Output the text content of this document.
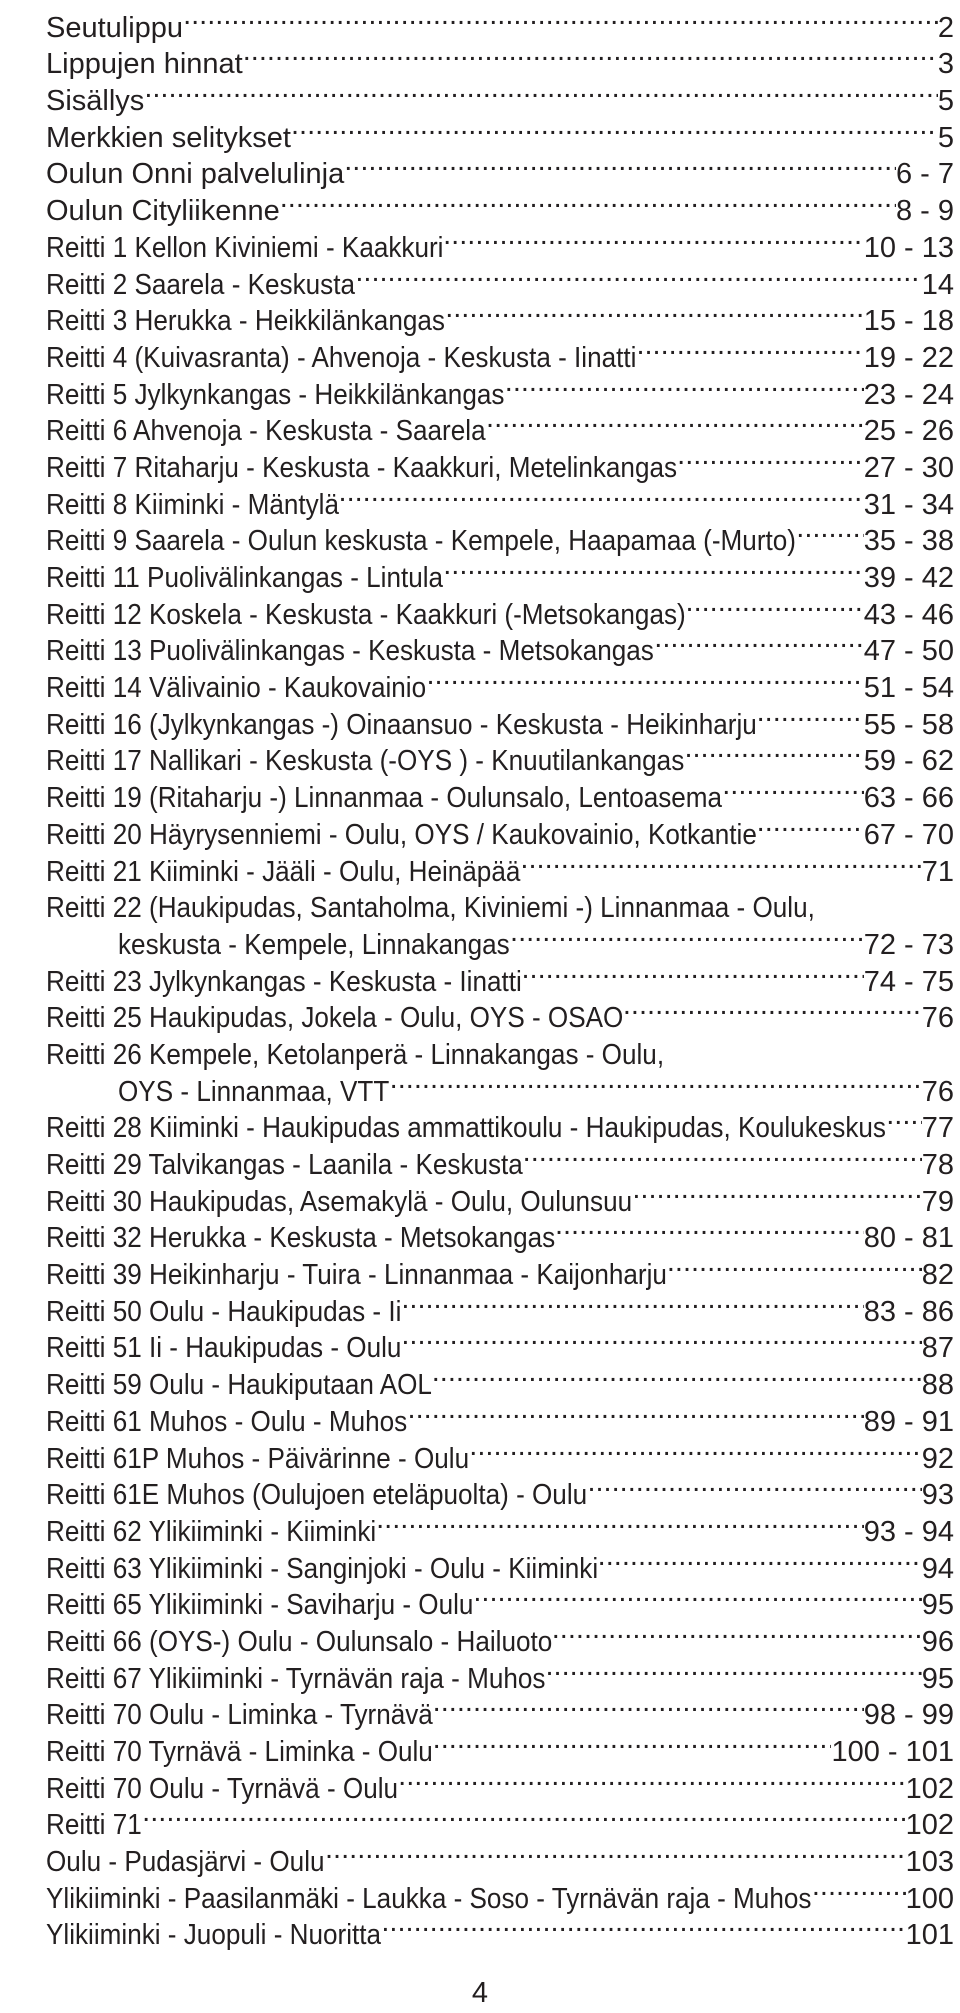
Seutulippu .....	2
Lippujen hinnat .....	3
Sisällys .....	5
Merkkien selitykset .....	5
Oulun Onni palvelulinja .....	6 - 7
Oulun Cityliikenne .....	8 - 9
Reitti 1 Kellon Kiviniemi - Kaakkuri .....	10 - 13
Reitti 2 Saarela - Keskusta .....	14
Reitti 3 Herukka - Heikkilänkangas .....	15 - 18
Reitti 4 (Kuivasranta) - Ahvenoja - Keskusta - Iinatti .....	19 - 22
Reitti 5 Jylkynkangas - Heikkilänkangas .....	23 - 24
Reitti 6 Ahvenoja - Keskusta - Saarela .....	25 - 26
Reitti 7 Ritaharju - Keskusta - Kaakkuri, Metelinkangas .....	27 - 30
Reitti 8 Kiiminki - Mäntylä .....	31 - 34
Reitti 9 Saarela - Oulun keskusta - Kempele, Haapamaa (-Murto) ..... 35 - 38
Reitti 11 Puolivälinkangas - Lintula .....	39 - 42
Reitti 12 Koskela - Keskusta - Kaakkuri (-Metsokangas) .....	43 - 46
Reitti 13 Puolivälinkangas - Keskusta - Metsokangas .....	47 - 50
Reitti 14 Välivainio - Kaukovainio .....	51 - 54
Reitti 16 (Jylkynkangas -) Oinaansuo - Keskusta - Heikinharju .....	55 - 58
Reitti 17 Nallikari - Keskusta (-OYS ) - Knuutilankangas .....	59 - 62
Reitti 19 (Ritaharju -) Linnanmaa - Oulunsalo, Lentoasema .....	63 - 66
Reitti 20 Häyrysenniemi - Oulu, OYS / Kaukovainio, Kotkantie .....	67 - 70
Reitti 21 Kiiminki - Jääli - Oulu, Heinäpää .....	71
Reitti 22 (Haukipudas, Santaholma, Kiviniemi -) Linnanmaa - Oulu,
keskusta - Kempele, Linnakangas .....	72 - 73
Reitti 23 Jylkynkangas - Keskusta - Iinatti .....	74 - 75
Reitti 25 Haukipudas, Jokela - Oulu, OYS - OSAO .....	76
Reitti 26 Kempele, Ketolanperä - Linnakangas - Oulu,
OYS - Linnanmaa, VTT .....	76
Reitti 28 Kiiminki - Haukipudas ammattikoulu - Haukipudas, Koulukeskus ..... 77
Reitti 29 Talvikangas - Laanila - Keskusta .....	78
Reitti 30 Haukipudas, Asemakylä - Oulu, Oulunsuu .....	79
Reitti 32 Herukka - Keskusta - Metsokangas .....	80 - 81
Reitti 39 Heikinharju - Tuira - Linnanmaa - Kaijonharju .....	82
Reitti 50 Oulu - Haukipudas - Ii .....	83 - 86
Reitti 51 Ii - Haukipudas - Oulu .....	87
Reitti 59 Oulu - Haukiputaan AOL .....	88
Reitti 61 Muhos - Oulu - Muhos .....	89 - 91
Reitti 61P Muhos - Päivärinne - Oulu .....	92
Reitti 61E Muhos (Oulujoen eteläpuolta) - Oulu .....	93
Reitti 62 Ylikiiminki - Kiiminki .....	93 - 94
Reitti 63 Ylikiiminki - Sanginjoki - Oulu - Kiiminki .....	94
Reitti 65 Ylikiiminki - Saviharju - Oulu .....	95
Reitti 66 (OYS-) Oulu - Oulunsalo - Hailuoto .....	96
Reitti 67 Ylikiiminki - Tyrnävän raja - Muhos .....	95
Reitti 70 Oulu - Liminka - Tyrnävä .....	98 - 99
Reitti 70 Tyrnävä - Liminka - Oulu .....	100 - 101
Reitti 70 Oulu - Tyrnävä - Oulu .....	102
Reitti 71 .....	102
Oulu - Pudasjärvi - Oulu .....	103
Ylikiiminki - Paasilanmäki - Laukka - Soso - Tyrnävän raja - Muhos .....	100
Ylikiiminki - Juopuli - Nuoritta .....	101
4
